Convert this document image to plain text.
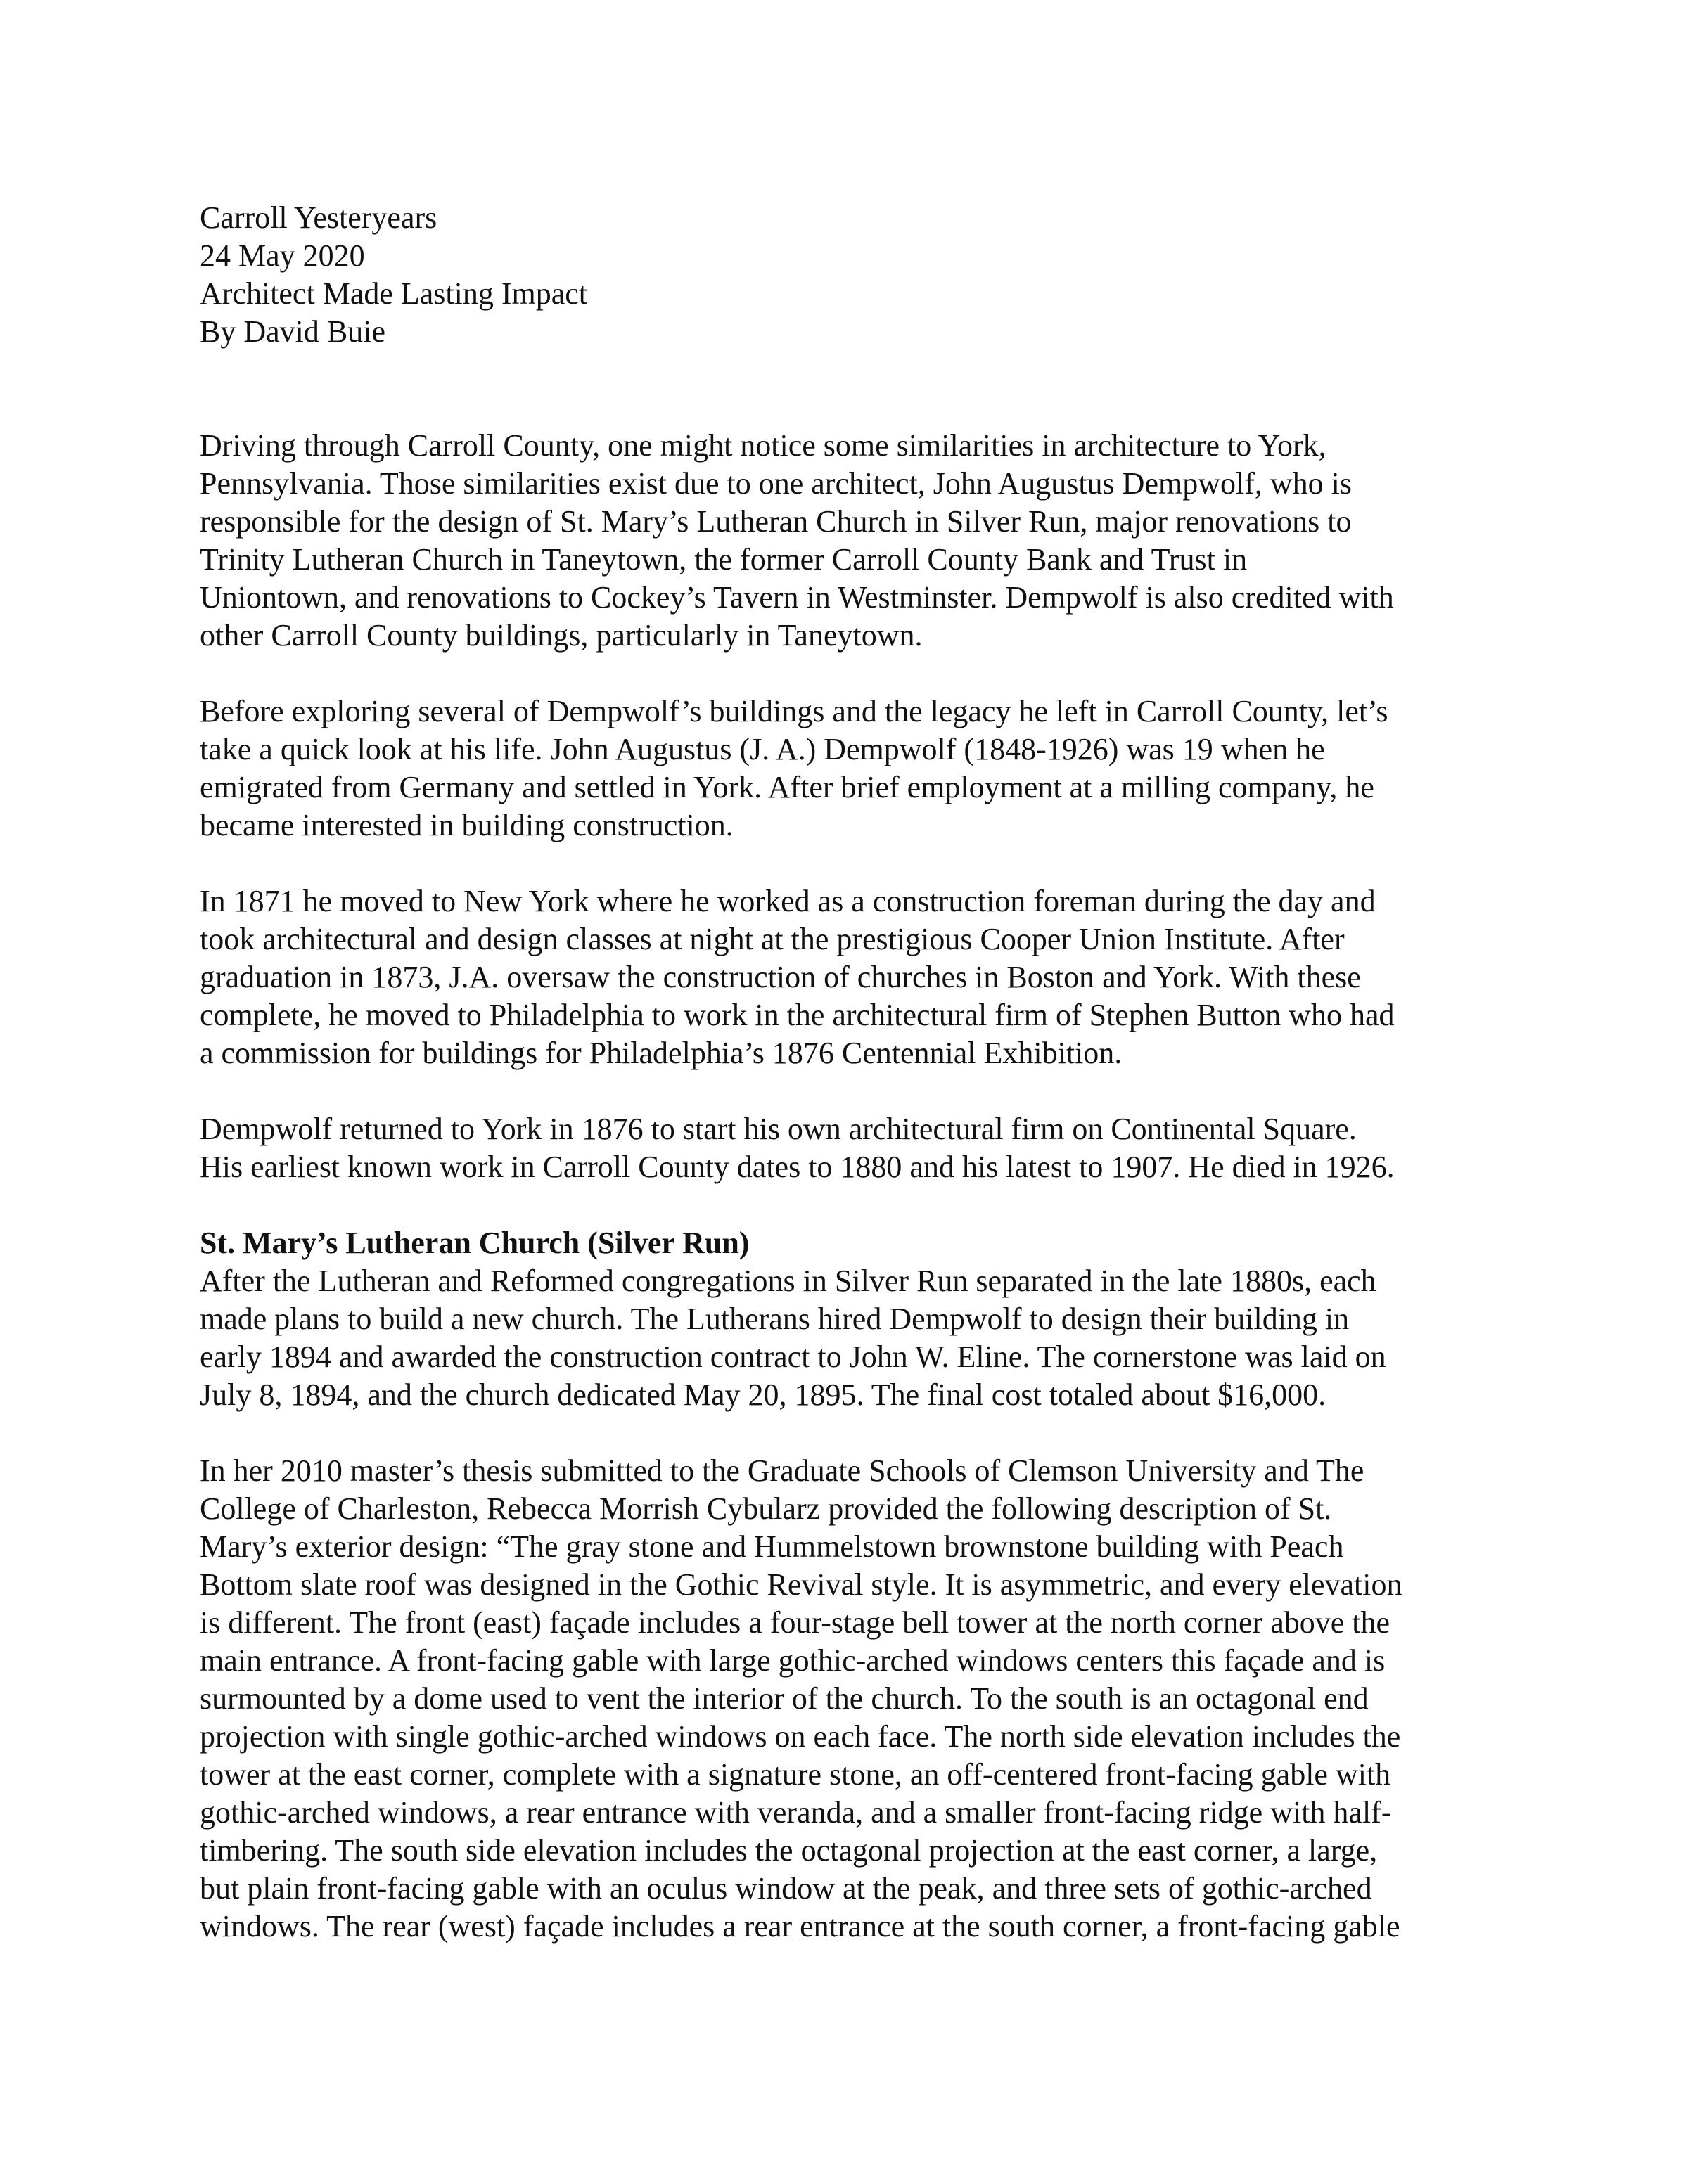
Carroll Yesteryears
24 May 2020
Architect Made Lasting Impact
By David Buie
Driving through Carroll County, one might notice some similarities in architecture to York,
Pennsylvania. Those similarities exist due to one architect, John Augustus Dempwolf, who is
responsible for the design of St. Mary’s Lutheran Church in Silver Run, major renovations to
Trinity Lutheran Church in Taneytown, the former Carroll County Bank and Trust in
Uniontown, and renovations to Cockey’s Tavern in Westminster. Dempwolf is also credited with
other Carroll County buildings, particularly in Taneytown.
Before exploring several of Dempwolf’s buildings and the legacy he left in Carroll County, let’s
take a quick look at his life. John Augustus (J. A.) Dempwolf (1848-1926) was 19 when he
emigrated from Germany and settled in York. After brief employment at a milling company, he
became interested in building construction.
In 1871 he moved to New York where he worked as a construction foreman during the day and
took architectural and design classes at night at the prestigious Cooper Union Institute. After
graduation in 1873, J.A. oversaw the construction of churches in Boston and York. With these
complete, he moved to Philadelphia to work in the architectural firm of Stephen Button who had
a commission for buildings for Philadelphia’s 1876 Centennial Exhibition.
Dempwolf returned to York in 1876 to start his own architectural firm on Continental Square.
His earliest known work in Carroll County dates to 1880 and his latest to 1907. He died in 1926.
St. Mary’s Lutheran Church (Silver Run)
After the Lutheran and Reformed congregations in Silver Run separated in the late 1880s, each
made plans to build a new church. The Lutherans hired Dempwolf to design their building in
early 1894 and awarded the construction contract to John W. Eline. The cornerstone was laid on
July 8, 1894, and the church dedicated May 20, 1895. The final cost totaled about $16,000.
In her 2010 master’s thesis submitted to the Graduate Schools of Clemson University and The
College of Charleston, Rebecca Morrish Cybularz provided the following description of St.
Mary’s exterior design: “The gray stone and Hummelstown brownstone building with Peach
Bottom slate roof was designed in the Gothic Revival style. It is asymmetric, and every elevation
is different. The front (east) façade includes a four-stage bell tower at the north corner above the
main entrance. A front-facing gable with large gothic-arched windows centers this façade and is
surmounted by a dome used to vent the interior of the church. To the south is an octagonal end
projection with single gothic-arched windows on each face. The north side elevation includes the
tower at the east corner, complete with a signature stone, an off-centered front-facing gable with
gothic-arched windows, a rear entrance with veranda, and a smaller front-facing ridge with half-
timbering. The south side elevation includes the octagonal projection at the east corner, a large,
but plain front-facing gable with an oculus window at the peak, and three sets of gothic-arched
windows. The rear (west) façade includes a rear entrance at the south corner, a front-facing gable
